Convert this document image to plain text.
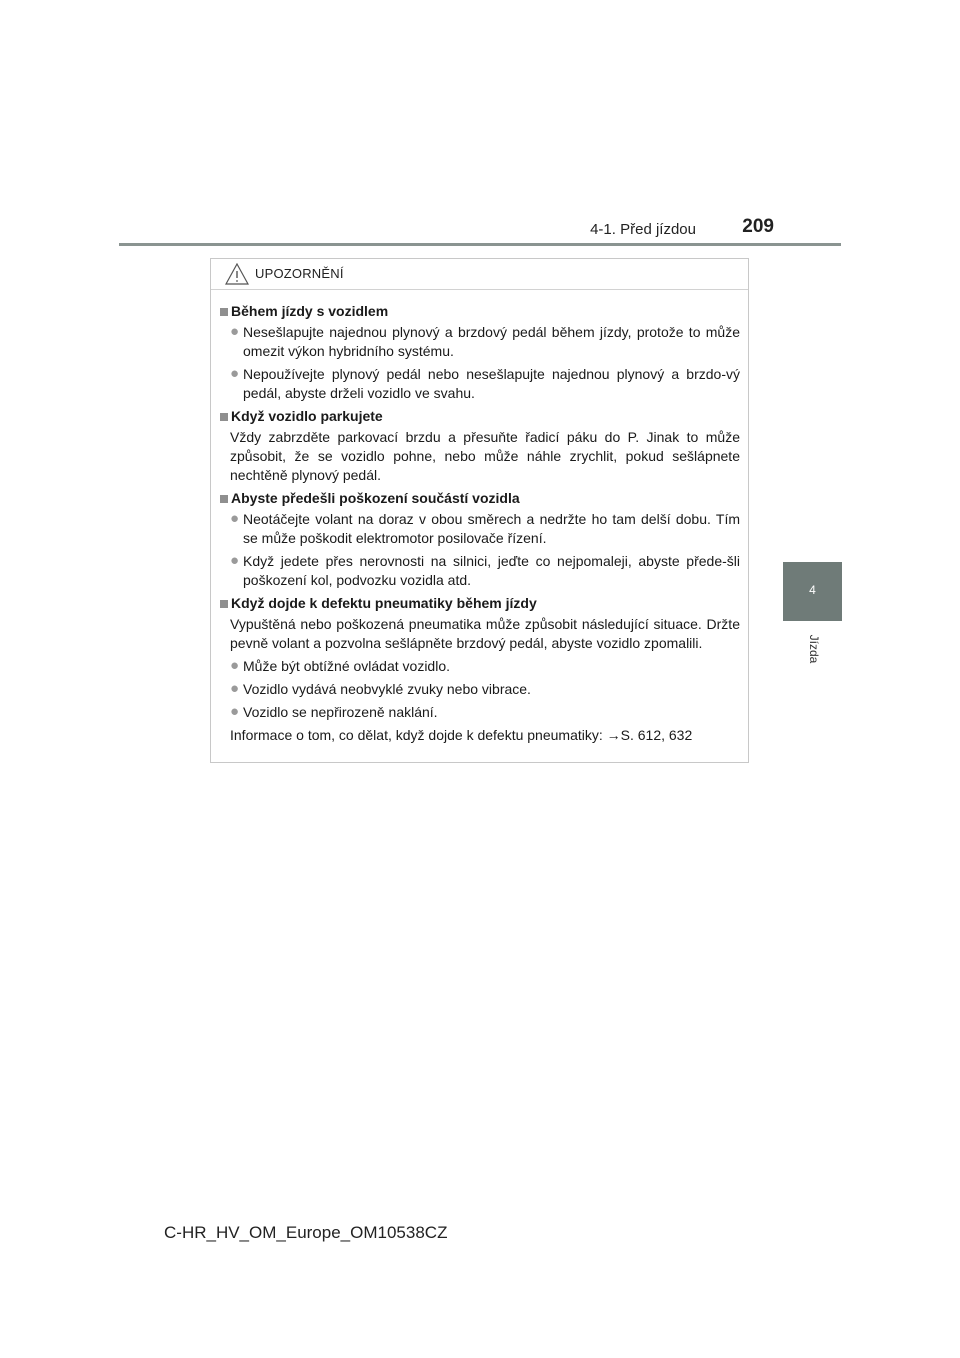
4-1. Před jízdou 209
4
Jízda
UPOZORNĚNÍ
Během jízdy s vozidlem
● Nesešlapujte najednou plynový a brzdový pedál během jízdy, protože to může omezit výkon hybridního systému.
● Nepoužívejte plynový pedál nebo nesešlapujte najednou plynový a brzdo-vý pedál, abyste drželi vozidlo ve svahu.
Když vozidlo parkujete
Vždy zabrzděte parkovací brzdu a přesuňte řadicí páku do P. Jinak to může způsobit, že se vozidlo pohne, nebo může náhle zrychlit, pokud sešlápnete nechtěně plynový pedál.
Abyste předešli poškození součástí vozidla
● Neotáčejte volant na doraz v obou směrech a nedržte ho tam delší dobu. Tím se může poškodit elektromotor posilovače řízení.
● Když jedete přes nerovnosti na silnici, jeďte co nejpomaleji, abyste přede-šli poškození kol, podvozku vozidla atd.
Když dojde k defektu pneumatiky během jízdy
Vypuštěná nebo poškozená pneumatika může způsobit následující situace. Držte pevně volant a pozvolna sešlápněte brzdový pedál, abyste vozidlo zpomalili.
● Může být obtížné ovládat vozidlo.
● Vozidlo vydává neobvyklé zvuky nebo vibrace.
● Vozidlo se nepřirozeně naklání.
Informace o tom, co dělat, když dojde k defektu pneumatiky: →S. 612, 632
C-HR_HV_OM_Europe_OM10538CZ
